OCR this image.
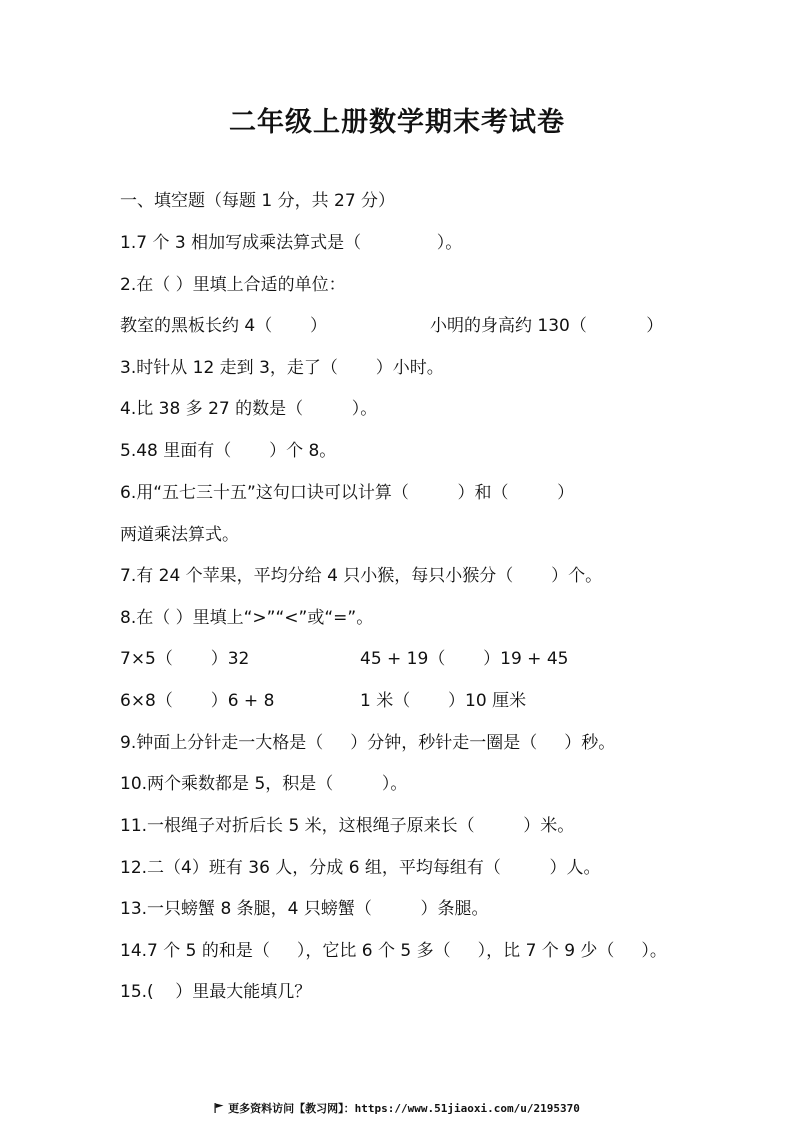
二年级上册数学期末考试卷
一、填空题（每题 1 分，共 27 分）
1.7 个 3 相加写成乘法算式是（              ）。
2.在（ ）里填上合适的单位：
教室的黑板长约 4（       ）	小明的身高约 130（           ）
3.时针从 12 走到 3，走了（       ）小时。
4.比 38 多 27 的数是（         ）。
5.48 里面有（       ）个 8。
6.用“五七三十五”这句口诀可以计算（         ）和（         ）
两道乘法算式。
7.有 24 个苹果，平均分给 4 只小猴，每只小猴分（       ）个。
8.在（ ）里填上“>”“<”或“=”。
7×5（       ）32	45 + 19（       ）19 + 45
6×8（       ）6 + 8	1 米（       ）10 厘米
9.钟面上分针走一大格是（     ）分钟，秒针走一圈是（     ）秒。
10.两个乘数都是 5，积是（         ）。
11.一根绳子对折后长 5 米，这根绳子原来长（         ）米。
12.二（4）班有 36 人，分成 6 组，平均每组有（         ）人。
13.一只螃蟹 8 条腿，4 只螃蟹（         ）条腿。
14.7 个 5 的和是（     ），它比 6 个 5 多（     ），比 7 个 9 少（     ）。
15.(    ）里最大能填几？
更多资料访问【教习网】：https://www.51jiaoxi.com/u/2195370
